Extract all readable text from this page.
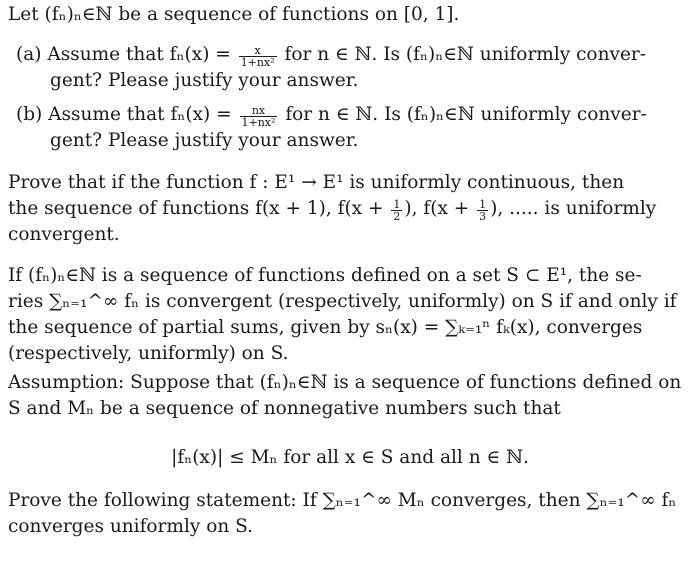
Let (fₙ)ₙ∈ℕ be a sequence of functions on [0, 1].
(a) Assume that $f_n(x) = \frac{x}{\text{1+nx²}}$ for n ∈ ℕ. Is (fₙ)ₙ∈ℕ uniformly conver-
gent? Please justify your answer.
(b) Assume that $f_n(x) = \frac{nx}{\text{1+nx²}}$ for n ∈ ℕ. Is (fₙ)ₙ∈ℕ uniformly conver-
gent? Please justify your answer.
Prove that if the function f : E¹ → E¹ is uniformly continuous, then
the sequence of functions f(x + 1), $f(x + \frac{1}{2}$ ), $f(x + \frac{1}{3}$ ), ..... is uniformly
convergent.
If (fₙ)ₙ∈ℕ is a sequence of functions defined on a set S ⊂ E¹, the se-
ries ∑ₙ₌₁^∞ fₙ is convergent (respectively, uniformly) on S if and only if
the sequence of partial sums, given by sₙ(x) = ∑ₖ₌₁ⁿ fₖ(x), converges
(respectively, uniformly) on S.
Assumption: Suppose that (fₙ)ₙ∈ℕ is a sequence of functions defined on
S and Mₙ be a sequence of nonnegative numbers such that
|fₙ(x)| ≤ Mₙ for all x ∈ S and all n ∈ ℕ.
Prove the following statement: If ∑ₙ₌₁^∞ Mₙ converges, then ∑ₙ₌₁^∞ fₙ
converges uniformly on S.
